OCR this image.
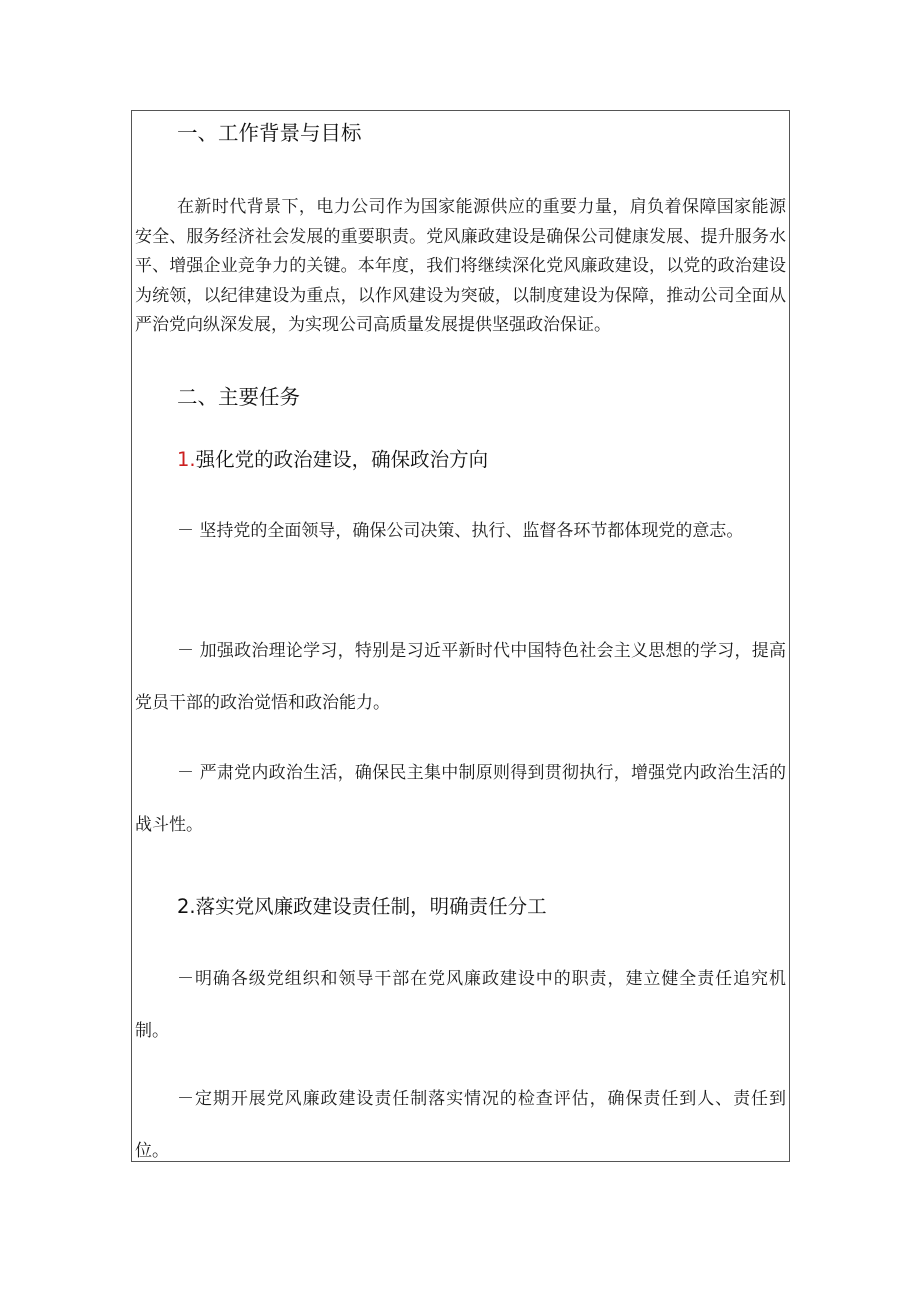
一、工作背景与目标
在新时代背景下，电力公司作为国家能源供应的重要力量，肩负着保障国家能源安全、服务经济社会发展的重要职责。党风廉政建设是确保公司健康发展、提升服务水平、增强企业竞争力的关键。本年度，我们将继续深化党风廉政建设，以党的政治建设为统领，以纪律建设为重点，以作风建设为突破，以制度建设为保障，推动公司全面从严治党向纵深发展，为实现公司高质量发展提供坚强政治保证。
二、主要任务
1.强化党的政治建设，确保政治方向
－ 坚持党的全面领导，确保公司决策、执行、监督各环节都体现党的意志。
－ 加强政治理论学习，特别是习近平新时代中国特色社会主义思想的学习，提高党员干部的政治觉悟和政治能力。
－ 严肃党内政治生活，确保民主集中制原则得到贯彻执行，增强党内政治生活的战斗性。
2.落实党风廉政建设责任制，明确责任分工
－明确各级党组织和领导干部在党风廉政建设中的职责，建立健全责任追究机制。
－定期开展党风廉政建设责任制落实情况的检查评估，确保责任到人、责任到位。
